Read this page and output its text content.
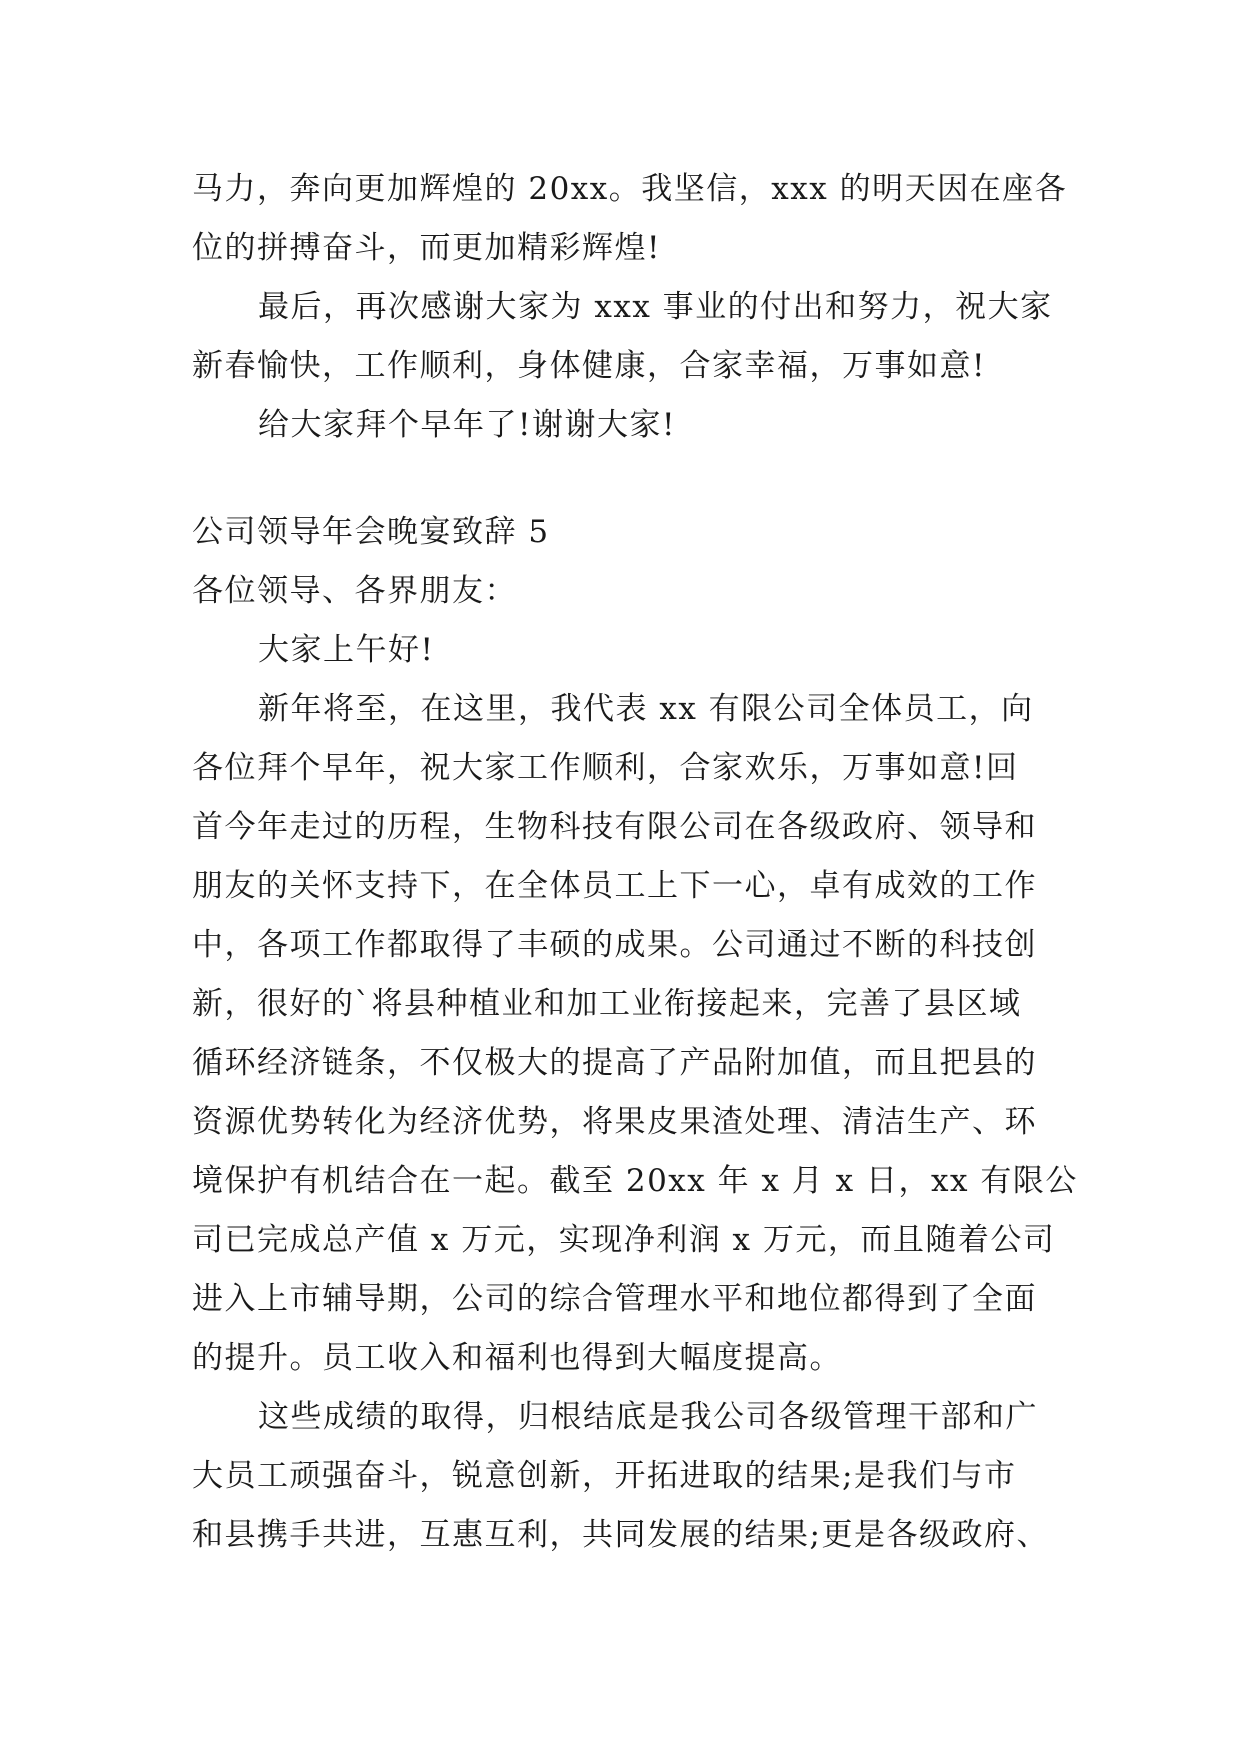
马力，奔向更加辉煌的 20xx。我坚信，xxx 的明天因在座各
位的拼搏奋斗，而更加精彩辉煌!
最后，再次感谢大家为 xxx 事业的付出和努力，祝大家
新春愉快，工作顺利，身体健康，合家幸福，万事如意!
给大家拜个早年了!谢谢大家!
公司领导年会晚宴致辞 5
各位领导、各界朋友：
大家上午好!
新年将至，在这里，我代表 xx 有限公司全体员工，向
各位拜个早年，祝大家工作顺利，合家欢乐，万事如意!回
首今年走过的历程，生物科技有限公司在各级政府、领导和
朋友的关怀支持下，在全体员工上下一心，卓有成效的工作
中，各项工作都取得了丰硕的成果。公司通过不断的科技创
新，很好的`将县种植业和加工业衔接起来，完善了县区域
循环经济链条，不仅极大的提高了产品附加值，而且把县的
资源优势转化为经济优势，将果皮果渣处理、清洁生产、环
境保护有机结合在一起。截至 20xx 年 x 月 x 日，xx 有限公
司已完成总产值 x 万元，实现净利润 x 万元，而且随着公司
进入上市辅导期，公司的综合管理水平和地位都得到了全面
的提升。员工收入和福利也得到大幅度提高。
这些成绩的取得，归根结底是我公司各级管理干部和广
大员工顽强奋斗，锐意创新，开拓进取的结果;是我们与市
和县携手共进，互惠互利，共同发展的结果;更是各级政府、
